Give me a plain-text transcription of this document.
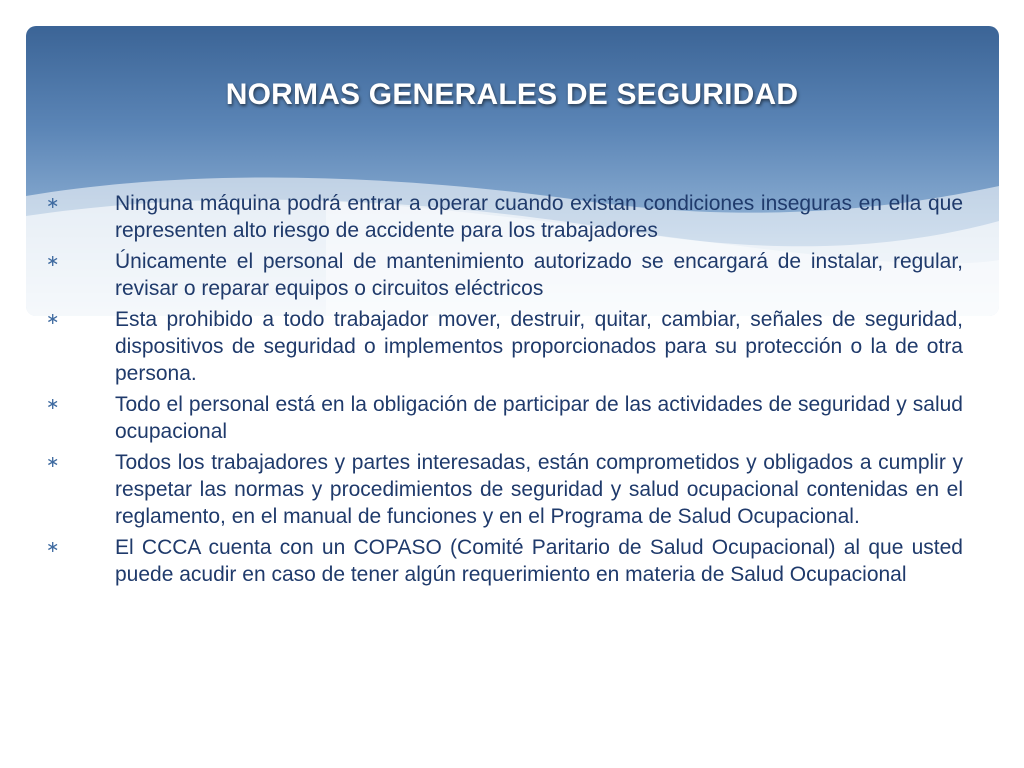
NORMAS GENERALES DE SEGURIDAD
∗	Ninguna máquina podrá entrar a operar cuando existan condiciones inseguras en ella que representen alto riesgo de accidente para los trabajadores
∗	Únicamente el personal de mantenimiento autorizado se encargará de instalar, regular, revisar o reparar equipos o circuitos eléctricos
∗	Esta prohibido a todo trabajador mover, destruir, quitar, cambiar, señales de seguridad, dispositivos de seguridad o implementos proporcionados para su protección o la de otra persona.
∗	Todo el personal está en la obligación de participar de las actividades de seguridad y salud ocupacional
∗	Todos los trabajadores y partes interesadas, están comprometidos y obligados a cumplir y respetar las normas y procedimientos de seguridad y salud ocupacional contenidas en el reglamento, en el manual de funciones y en el Programa de Salud Ocupacional.
∗	El CCCA cuenta con un COPASO (Comité Paritario de Salud Ocupacional) al que usted puede acudir en caso de tener algún requerimiento en materia de Salud Ocupacional
